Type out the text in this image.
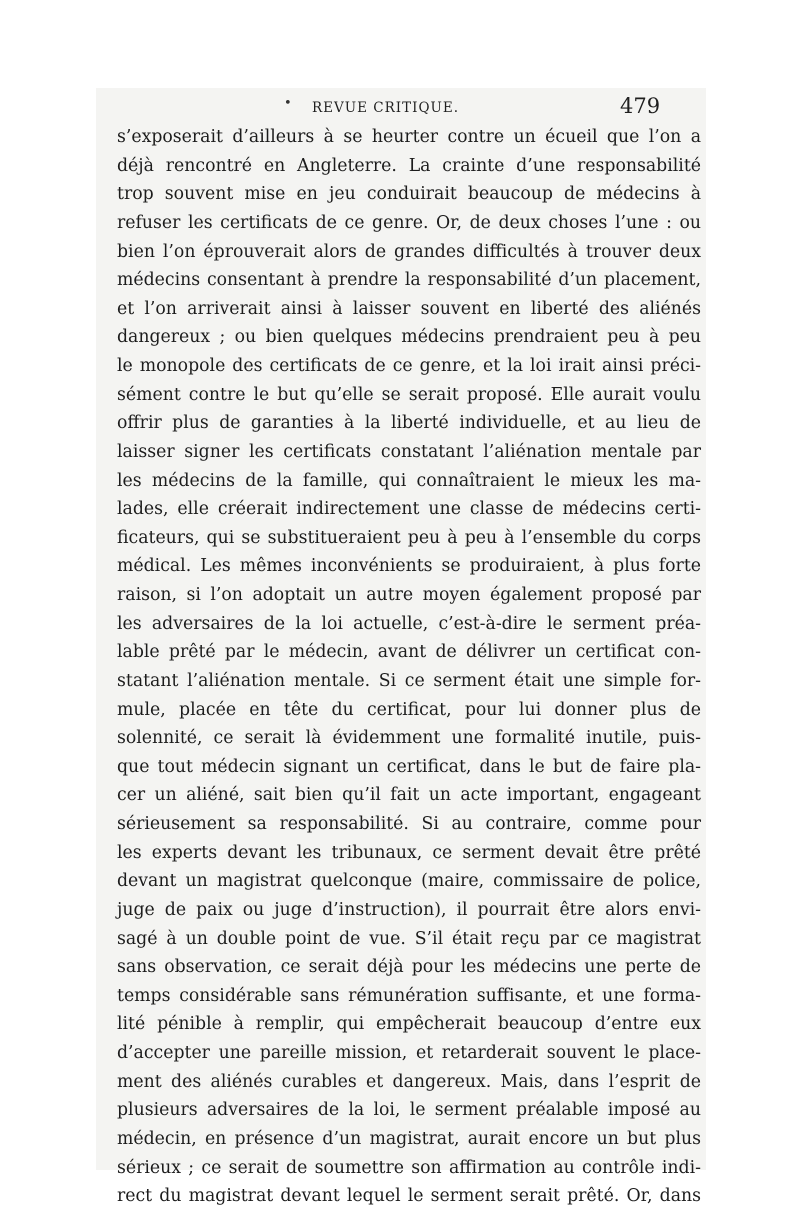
• REVUE CRITIQUE.	479
s’exposerait d’ailleurs à se heurter contre un écueil que l’on a
déjà rencontré en Angleterre. La crainte d’une responsabilité
trop souvent mise en jeu conduirait beaucoup de médecins à
refuser les certificats de ce genre. Or, de deux choses l’une : ou
bien l’on éprouverait alors de grandes difficultés à trouver deux
médecins consentant à prendre la responsabilité d’un placement,
et l’on arriverait ainsi à laisser souvent en liberté des aliénés
dangereux ; ou bien quelques médecins prendraient peu à peu
le monopole des certificats de ce genre, et la loi irait ainsi préci-
sément contre le but qu’elle se serait proposé. Elle aurait voulu
offrir plus de garanties à la liberté individuelle, et au lieu de
laisser signer les certificats constatant l’aliénation mentale par
les médecins de la famille, qui connaîtraient le mieux les ma-
lades, elle créerait indirectement une classe de médecins certi-
ficateurs, qui se substitueraient peu à peu à l’ensemble du corps
médical. Les mêmes inconvénients se produiraient, à plus forte
raison, si l’on adoptait un autre moyen également proposé par
les adversaires de la loi actuelle, c’est-à-dire le serment préa-
lable prêté par le médecin, avant de délivrer un certificat con-
statant l’aliénation mentale. Si ce serment était une simple for-
mule, placée en tête du certificat, pour lui donner plus de
solennité, ce serait là évidemment une formalité inutile, puis-
que tout médecin signant un certificat, dans le but de faire pla-
cer un aliéné, sait bien qu’il fait un acte important, engageant
sérieusement sa responsabilité. Si au contraire, comme pour
les experts devant les tribunaux, ce serment devait être prêté
devant un magistrat quelconque (maire, commissaire de police,
juge de paix ou juge d’instruction), il pourrait être alors envi-
sagé à un double point de vue. S’il était reçu par ce magistrat
sans observation, ce serait déjà pour les médecins une perte de
temps considérable sans rémunération suffisante, et une forma-
lité pénible à remplir, qui empêcherait beaucoup d’entre eux
d’accepter une pareille mission, et retarderait souvent le place-
ment des aliénés curables et dangereux. Mais, dans l’esprit de
plusieurs adversaires de la loi, le serment préalable imposé au
médecin, en présence d’un magistrat, aurait encore un but plus
sérieux ; ce serait de soumettre son affirmation au contrôle indi-
rect du magistrat devant lequel le serment serait prêté. Or, dans
